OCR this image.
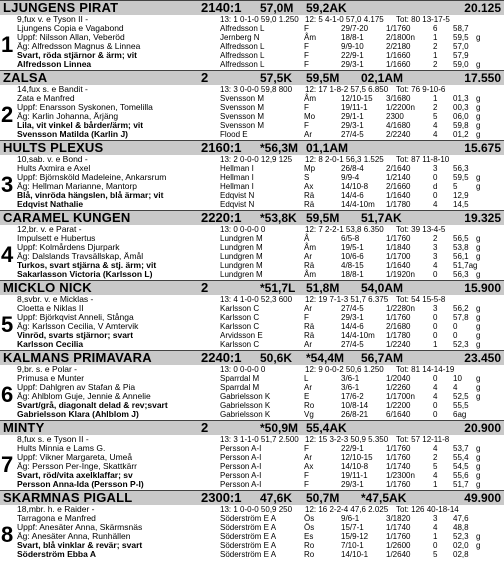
LJUNGENS PIRAT	2140:1 57,0M 59,2AK	20.125
1
9,fux v. e Tyson II -
Ljungens Copia e Vagabond
Uppf: Nilsson Allan, Veberöd
Äg: Alfredsson Magnus & Linnea
Svart, röda stjärnor & ärm; vit
Alfredsson Linnea
13: 1 0-1-0 59,0 1.250 12: 5 4-1-0 57,0 4.175 Tot: 80 13-17-5
Alfredsson L	F	29/7-20 1/1760	6 58,7
Jernberg N	Åm	18/8-1	2/1800n 1 59,5 g
Alfredsson L	F	9/9-10	2/2180	2 57,0
Alfredsson L	F	22/9-1	1/1660	1 57,9
Alfredsson L	F	29/3-1	1/1660	2 59,0 g
ZALSA	2	57,5K 59,5M 02,1AM	17.550
2
14,fux s. e Bandit -
Zata e Manfred
Uppf: Enarsson Syskonen, Tomelilla
Äg: Karlin Johanna, Årjäng
Lila, vit vinkel & bårder/ärm; vit
Svensson Matilda (Karlin J)
13: 3 0-0-0 59,8 800 12: 17 1-8-2 57,5 6.850 Tot: 76 9-10-6
Svensson M	Åm	12/10-15 3/1680	1 01,3 g
Svensson M	F	19/11-1 1/2200n 2 00,3 g
Svensson M	Mo	29/1-1	2300	5 06,0 g
Svensson M	F	29/3-1	4/1680	4 59,8 g
Flood E	Ar	27/4-5	2/2240	4 01,2 g
HULTS PLEXUS	2160:1 *56,3M 01,1AM	15.675
3
10,sab. v. e Bond -
Hults Axmira e Axel
Uppf: Björnsköld Madeleine, Ankarsrum
Äg: Hellman Marianne, Mantorp
Blå, vinröda hängslen, blå ärmar; vit
Edqvist Nathalie
13: 2 0-0-0 12,9 125 12: 8 2-0-1 56,3 1.525 Tot: 87 11-8-10
Hellman I	Mp	26/8-4	2/1640	3 56,3
Hellman I	S	9/9-4	1/2140	0 59,5 g
Hellman I	Ax	14/10-8 2/1660	d 5 g
Edqvist N	Rä	14/4-6	1/1640	0 12,9
Edqvist N	Rä	14/4-10m 1/1780	4 14,5
CARAMEL KUNGEN	2220:1 *53,8K 59,5M 51,7AK	19.325
4
12,br. v. e Parat -
Impulsett e Hubertus
Uppf: Kolmårdens Djurpark
Äg: Dalslands Travsällskap, Åmål
Turkos, svart stjärna & stj. ärm; vit
Sakarlasson Victoria (Karlsson L)
13: 0 0-0-0 0	12: 7 2-2-1 53,8 6.350 Tot: 39 13-4-5
Lundgren M	Å	6/5-8	1/1760	2 56,5 g
Lundgren M	Åm	19/5-1	1/1840	3 53,8 g
Lundgren M	Ar	10/6-6	1/1700	3 56,1 g
Lundgren M	Rä	4/8-15	1/1640	4 51,7ag
Lundgren M	Åm	18/8-1	1/1920n 0 56,3 g
MICKLO NICK	2	*51,7L 51,8M 54,0AM	15.900
5
8,svbr. v. e Micklas -
Cloetta e Niklas II
Uppf: Björkqvist Anneli, Stånga
Äg: Karlsson Cecilia, V Amtervik
Vinröd, svarts stjärnor; svart
Karlsson Cecilia
13: 4 1-0-0 52,3 600 12: 19 7-1-3 51,7 6.375 Tot: 54 15-5-8
Karlsson C	Ar	27/4-5	1/2280n 3 56,2 g
Karlsson C	F	29/3-1	1/1760	0 57,8 g
Karlsson C	Rä	14/4-6	2/1680	0 0 g
Arvidsson E	Rä	14/4-10m 1/1780	0 0 g
Karlsson C	Ar	27/4-5	1/2240	1 52,3 g
KALMANS PRIMAVARA	2240:1 50,6K *54,4M 56,7AM	23.450
6
9,br. s. e Polar -
Primusa e Munter
Uppf: Dahlgren av Stafan & Pia
Äg: Ahlblom Guje, Jennie & Annelie
Svart/grå, diagonalt delad & rev;svart
Gabrielsson Klara (Ahlblom J)
13: 0 0-0-0 0	12: 9 0-0-2 50,6 1.250 Tot: 81 14-14-19
Sparrdal M	L	3/6-1	1/2040	0 10 g
Sparrdal M	Ar	3/6-1	1/2260	4 4 g
Gabrielsson K	E	17/6-2	1/1700n 4 52,5 g
Gabrielsson K	Ro	10/8-14 1/2200	0 55,5
Gabrielsson K	Vg	26/8-21 6/1640	0 6ag
MINTY	2	*50,9M 55,4AK	20.900
7
8,fux s. e Tyson II -
Hults Minnia e Lams G.
Uppf: Vikner Margareta, Umeå
Äg: Persson Per-Inge, Skattkärr
Svart, röd/vita axelklaffar; sv
Persson Anna-Ida (Persson P-I)
13: 3 1-1-0 51,7 2.500 12: 15 3-2-3 50,9 5.350 Tot: 57 12-11-8
Persson A-I	F	22/9-1	1/1760	4 53,7 g
Persson A-I	Ar	12/10-15 1/1760	2 55,4 g
Persson A-I	Ax	14/10-8 1/1740	5 54,5 g
Persson A-I	F	19/11-1 1/2300n 4 55,6 g
Persson A-I	F	29/3-1	1/1760	1 51,7 g
SKARMNAS PIGALL	2300:1 47,6K 50,7M *47,5AK	49.900
8
18,mbr. h. e Raider -
Tarragona e Manfred
Uppf: Anesäter Anna, Skärmsnäs
Äg: Anesäter Anna, Runhällen
Svart, blå vinklar & revär; svart
Söderström Ebba A
13: 1 0-0-0 50,9 250 12: 16 2-2-4 47,6 2.025 Tot: 126 40-18-14
Söderström E A	Ös	9/6-1	3/1820	3 47,6
Söderström E A	Ös	15/7-1	1/1740	4 48,8
Söderström E A	Es	15/9-12 1/1760	1 52,3 g
Söderström E A	Ro	7/10-1	1/2600	0 02,0 g
Söderström E A	Ro	14/10-1 1/2640	5 02,8
